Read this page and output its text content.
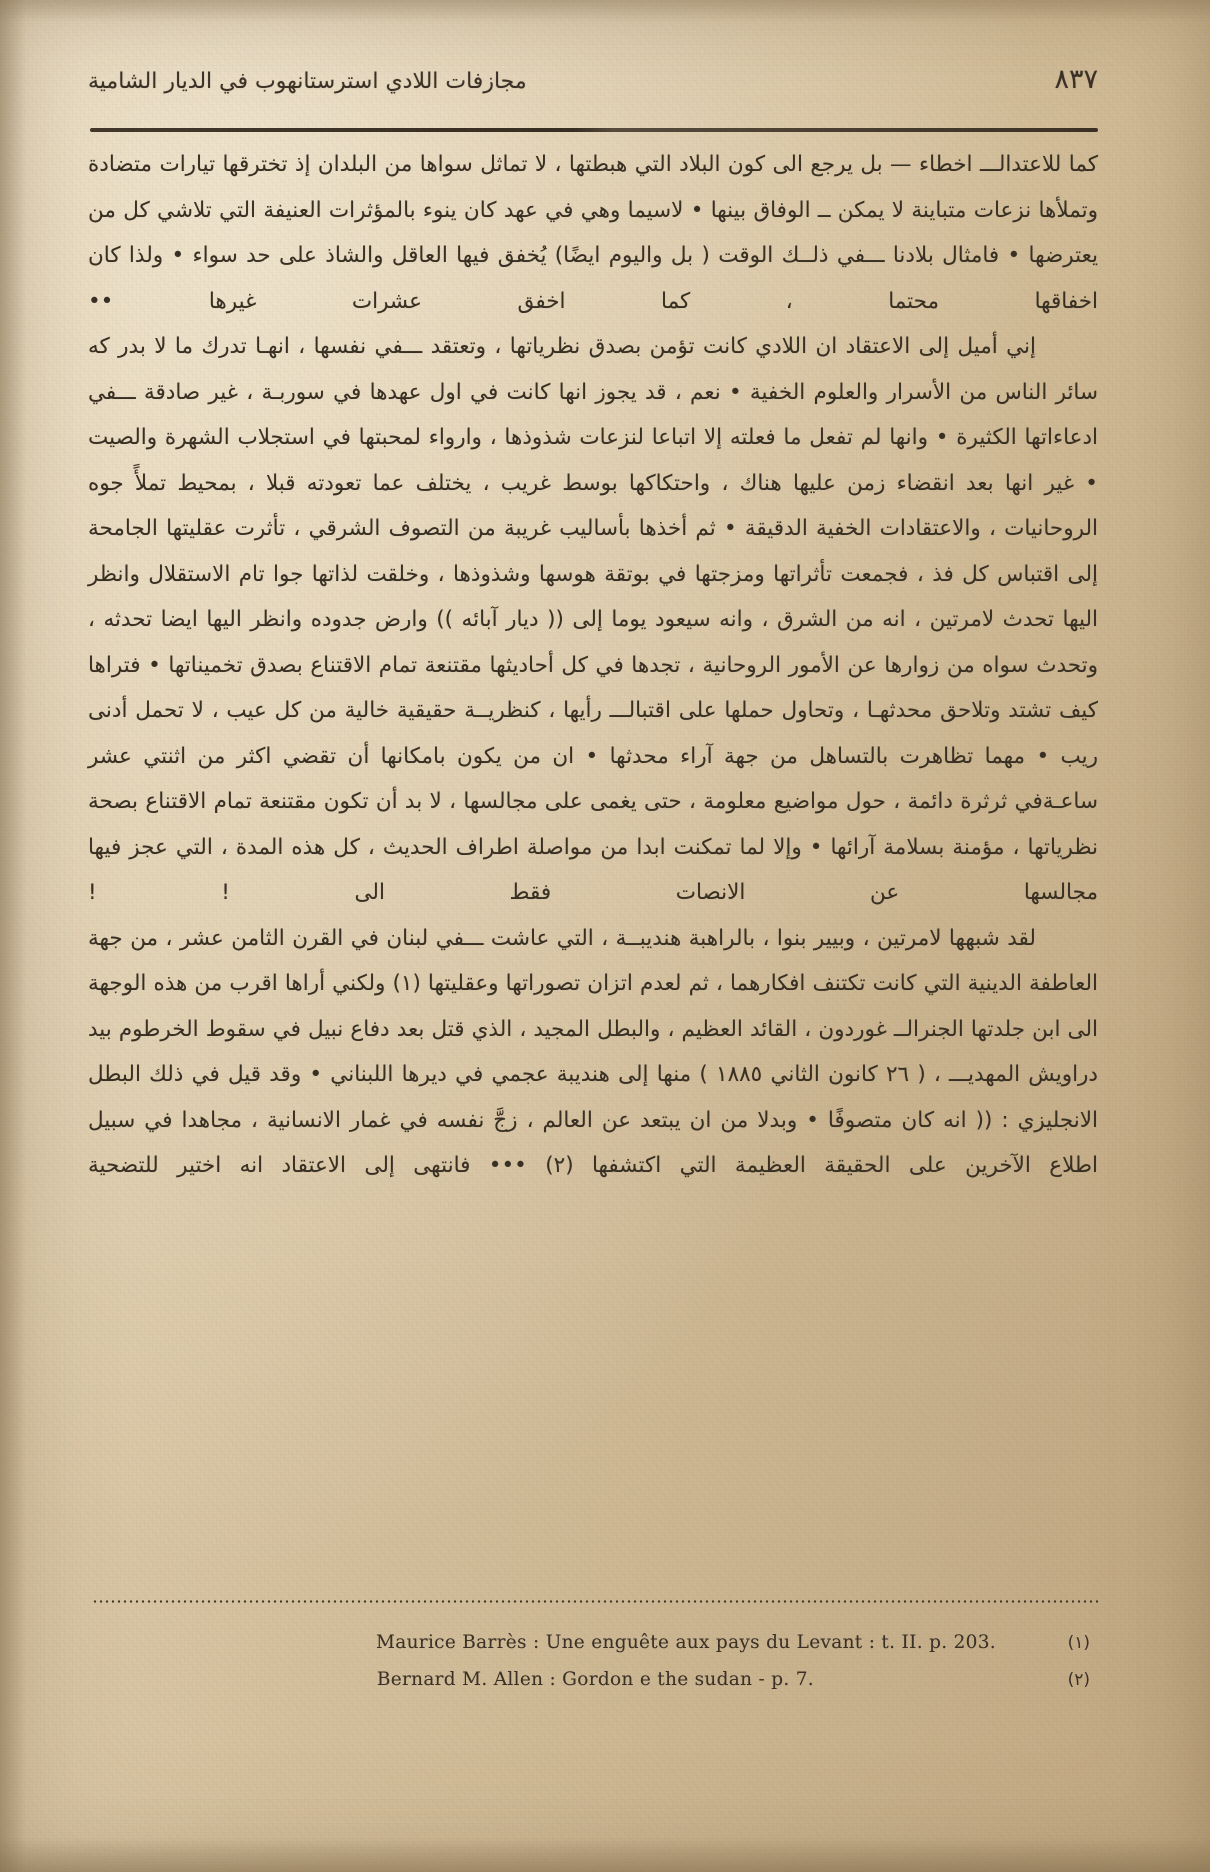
مجازفات اللادي استرستانهوب في الديار الشامية	٨٣٧

كما للاعتدالـــ اخطاء — بل يرجع الى كون البلاد التي هبطتها ، لا تماثل سواها من البلدان إذ تخترقها تيارات متضادة وتملأها نزعات متباينة لا يمكن ــ الوفاق بينها • لاسيما وهي في عهد كان ينوء بالمؤثرات العنيفة التي تلاشي كل من يعترضها • فامثال بلادنا ـــفي ذلــك الوقت ( بل واليوم ايضًا) يُخفق فيها العاقل والشاذ على حد سواء • ولذا كان اخفاقها محتما ، كما اخفق عشرات غيرها ••

إني أميل إلى الاعتقاد ان اللادي كانت تؤمن بصدق نظرياتها ، وتعتقد ـــفي نفسها ، انهـا تدرك ما لا بدر كه سائر الناس من الأسرار والعلوم الخفية • نعم ، قد يجوز انها كانت في اول عهدها في سوربـة ، غير صادقة ـــفي ادعاءاتها الكثيرة • وانها لم تفعل ما فعلته إلا اتباعا لنزعات شذوذها ، وارواء لمحبتها في استجلاب الشهرة والصيت • غير انها بعد انقضاء زمن عليها هناك ، واحتكاكها بوسط غريب ، يختلف عما تعودته قبلا ، بمحيط تملأً جوه الروحانيات ، والاعتقادات الخفية الدقيقة • ثم أخذها بأساليب غريبة من التصوف الشرقي ، تأثرت عقليتها الجامحة إلى اقتباس كل فذ ، فجمعت تأثراتها ومزجتها في بوتقة هوسها وشذوذها ، وخلقت لذاتها جوا تام الاستقلال وانظر اليها تحدث لامرتين ، انه من الشرق ، وانه سيعود يوما إلى (( ديار آبائه )) وارض جدوده وانظر اليها ايضا تحدثه ، وتحدث سواه من زوارها عن الأمور الروحانية ، تجدها في كل أحاديثها مقتنعة تمام الاقتناع بصدق تخميناتها • فتراها كيف تشتد وتلاحق محدثهـا ، وتحاول حملها على اقتبالـــ رأيها ، كنظريــة حقيقية خالية من كل عيب ، لا تحمل أدنى ريب • مهما تظاهرت بالتساهل من جهة آراء محدثها • ان من يكون بامكانها أن تقضي اكثر من اثنتي عشر ساعـةفي ثرثرة دائمة ، حول مواضيع معلومة ، حتى يغمى على مجالسها ، لا بد أن تكون مقتنعة تمام الاقتناع بصحة نظرياتها ، مؤمنة بسلامة آرائها • وإلا لما تمكنت ابدا من مواصلة اطراف الحديث ، كل هذه المدة ، التي عجز فيها مجالسها عن الانصات فقط الى ! !

لقد شبهها لامرتين ، وبيير بنوا ، بالراهبة هنديبــة ، التي عاشت ـــفي لبنان في القرن الثامن عشر ، من جهة العاطفة الدينية التي كانت تكتنف افكارهما ، ثم لعدم اتزان تصوراتها وعقليتها (١) ولكني أراها اقرب من هذه الوجهة الى ابن جلدتها الجنرالــ غوردون ، القائد العظيم ، والبطل المجيد ، الذي قتل بعد دفاع نبيل في سقوط الخرطوم بيد دراويش المهديـــ ، ( ٢٦ كانون الثاني ١٨٨٥ ) منها إلى هنديبة عجمي في ديرها اللبناني • وقد قيل في ذلك البطل الانجليزي : (( انه كان متصوفًا • وبدلا من ان يبتعد عن العالم ، زجَّ نفسه في غمار الانسانية ، مجاهدا في سبيل اطلاع الآخرين على الحقيقة العظيمة التي اكتشفها (٢) ••• فانتهى إلى الاعتقاد انه اختير للتضحية

(١)
Maurice Barrès : Une enguête aux pays du Levant : t. II. p. 203.
(٢)
Bernard M. Allen : Gordon e the sudan - p. 7.
